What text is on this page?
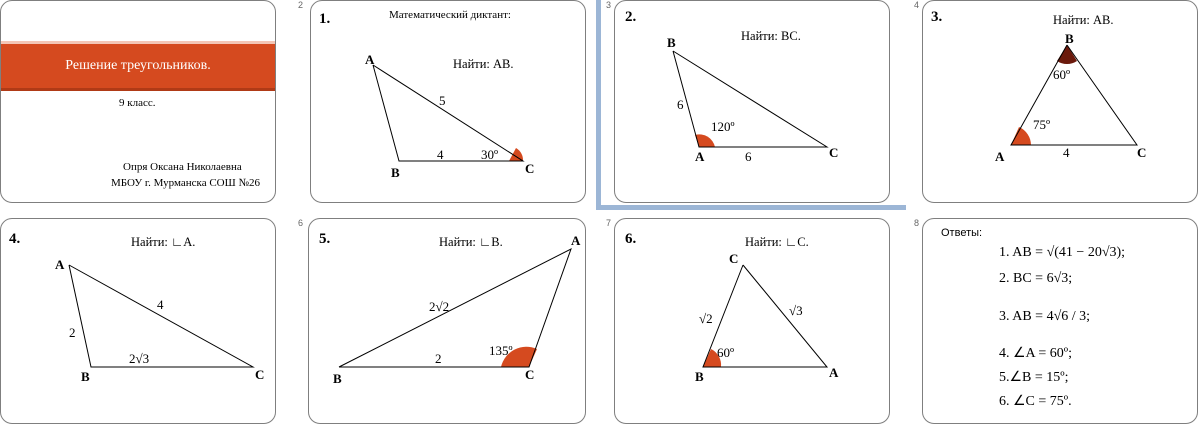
Решение треугольников.
9 класс.
Опря Оксана Николаевна
МБОУ г. Мурманска СОШ №26
2
1.	Математический диктант:
Найти: АВ.
A
B	C
5
4	30º
3
2.
Найти: ВС.
B
A	C
6
6
120º
4
3.	Найти: АВ.
B
A	C
60º
75º
4
4.	Найти: ∟А.
A
B	C
2
4
2√3
6
5.	Найти: ∟В.	A
B	C
2√2
2
135º
7
6.	Найти: ∟С.
C
B	A
√2
√3
60º
8
Ответы:
1. AB = √(41 − 20√3);
2. BC = 6√3;
3. AB = 4√6 / 3;
4. ∠A = 60º;
5.∠B = 15º;
6. ∠C = 75º.
